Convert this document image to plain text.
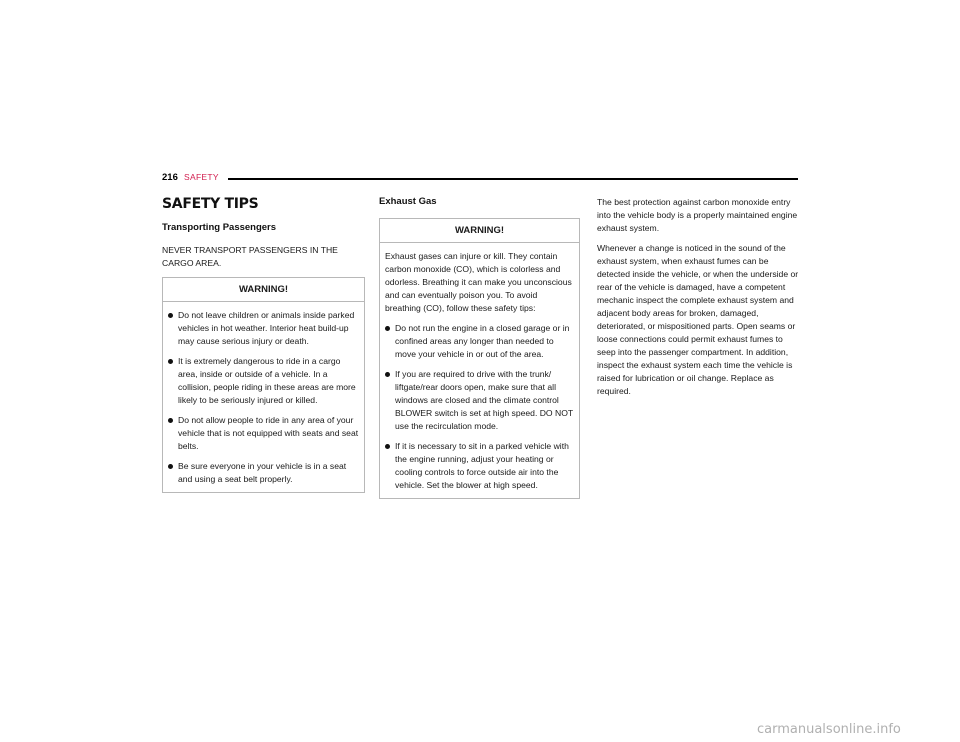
216 SAFETY
SAFETY TIPS
Transporting Passengers

NEVER TRANSPORT PASSENGERS IN THE CARGO AREA.

WARNING!
Do not leave children or animals inside parked vehicles in hot weather. Interior heat build-up may cause serious injury or death.
It is extremely dangerous to ride in a cargo area, inside or outside of a vehicle. In a collision, people riding in these areas are more likely to be seriously injured or killed.
Do not allow people to ride in any area of your vehicle that is not equipped with seats and seat belts.
Be sure everyone in your vehicle is in a seat and using a seat belt properly.
Exhaust Gas
WARNING!

Exhaust gases can injure or kill. They contain carbon monoxide (CO), which is colorless and odorless. Breathing it can make you unconscious and can eventually poison you. To avoid breathing (CO), follow these safety tips:

Do not run the engine in a closed garage or in confined areas any longer than needed to move your vehicle in or out of the area.
If you are required to drive with the trunk/ liftgate/rear doors open, make sure that all windows are closed and the climate control BLOWER switch is set at high speed. DO NOT use the recirculation mode.
If it is necessary to sit in a parked vehicle with the engine running, adjust your heating or cooling controls to force outside air into the vehicle. Set the blower at high speed.

The best protection against carbon monoxide entry into the vehicle body is a properly maintained engine exhaust system.

Whenever a change is noticed in the sound of the exhaust system, when exhaust fumes can be detected inside the vehicle, or when the underside or rear of the vehicle is damaged, have a competent mechanic inspect the complete exhaust system and adjacent body areas for broken, damaged, deteriorated, or mispositioned parts. Open seams or loose connections could permit exhaust fumes to seep into the passenger compartment. In addition, inspect the exhaust system each time the vehicle is raised for lubrication or oil change. Replace as required.

carmanualsonline.info
